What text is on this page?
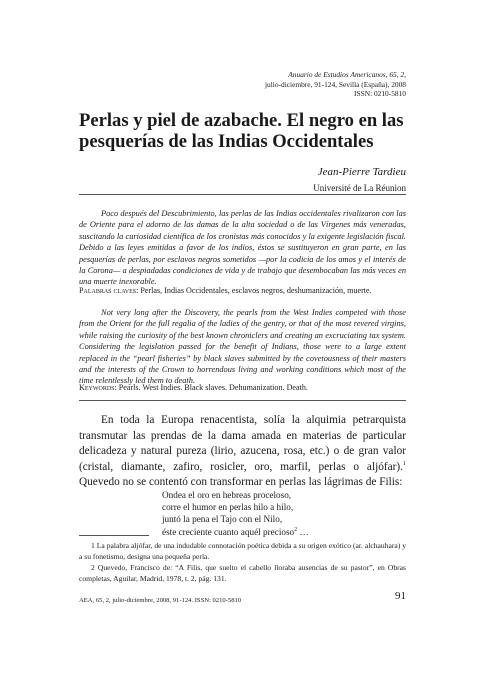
Anuario de Estudios Americanos, 65, 2,
julio-diciembre, 91-124, Sevilla (España), 2008
ISSN: 0210-5810
Perlas y piel de azabache. El negro en las pesquerías de las Indias Occidentales
Jean-Pierre Tardieu
Université de La Réunion

Poco después del Descubrimiento, las perlas de las Indias occidentales rivalizaron con las de Oriente para el adorno de las damas de la alta sociedad o de las Vírgenes más veneradas, suscitando la curiosidad científica de los cronistas más conocidos y la exigente legislación fiscal. Debido a las leyes emitidas a favor de los indios, éstos se sustituyeron en gran parte, en las pesquerías de perlas, por esclavos negros sometidos —por la codicia de los amos y el interés de la Corona— a despiadadas condiciones de vida y de trabajo que desembocaban las más veces en una muerte inexorable.

Palabras claves: Perlas, Indias Occidentales, esclavos negros, deshumanización, muerte.

Not very long after the Discovery, the pearls from the West Indies competed with those from the Orient for the full regalia of the ladies of the gentry, or that of the most revered virgins, while raising the curiosity of the best known chroniclers and creating an excruciating tax system. Considering the legislation passed for the benefit of Indians, those were to a large extent replaced in the “pearl fisheries” by black slaves submitted by the covetousness of their masters and the interests of the Crown to horrendous living and working conditions which most of the time relentlessly led them to death.

Keywords: Pearls. West Indies. Black slaves. Dehumanization. Death.

En toda la Europa renacentista, solía la alquimia petrarquista transmutar las prendas de la dama amada en materias de particular delicadeza y natural pureza (lirio, azucena, rosa, etc.) o de gran valor (cristal, diamante, zafiro, rosicler, oro, marfil, perlas o aljófar).$^1$ Quevedo no se contentó con transformar en perlas las lágrimas de Filis:

Ondea el oro en hebreas proceloso,
corre el humor en perlas hilo a hilo,
juntó la pena el Tajo con el Nilo,
éste creciente cuanto aquél precioso$^2$ …

1 La palabra aljófar, de una indudable connotación poética debida a su origen exótico (ar. alchauhara) y a su fonetismo, designa una pequeña perla.

2 Quevedo, Francisco de: “A Filis, que suelto el cabello lloraba ausencias de su pastor”, en Obras completas, Aguilar, Madrid, 1978, t. 2, pág. 131.

AEA, 65, 2, julio-diciembre, 2008, 91-124. ISSN: 0210-5810	91
